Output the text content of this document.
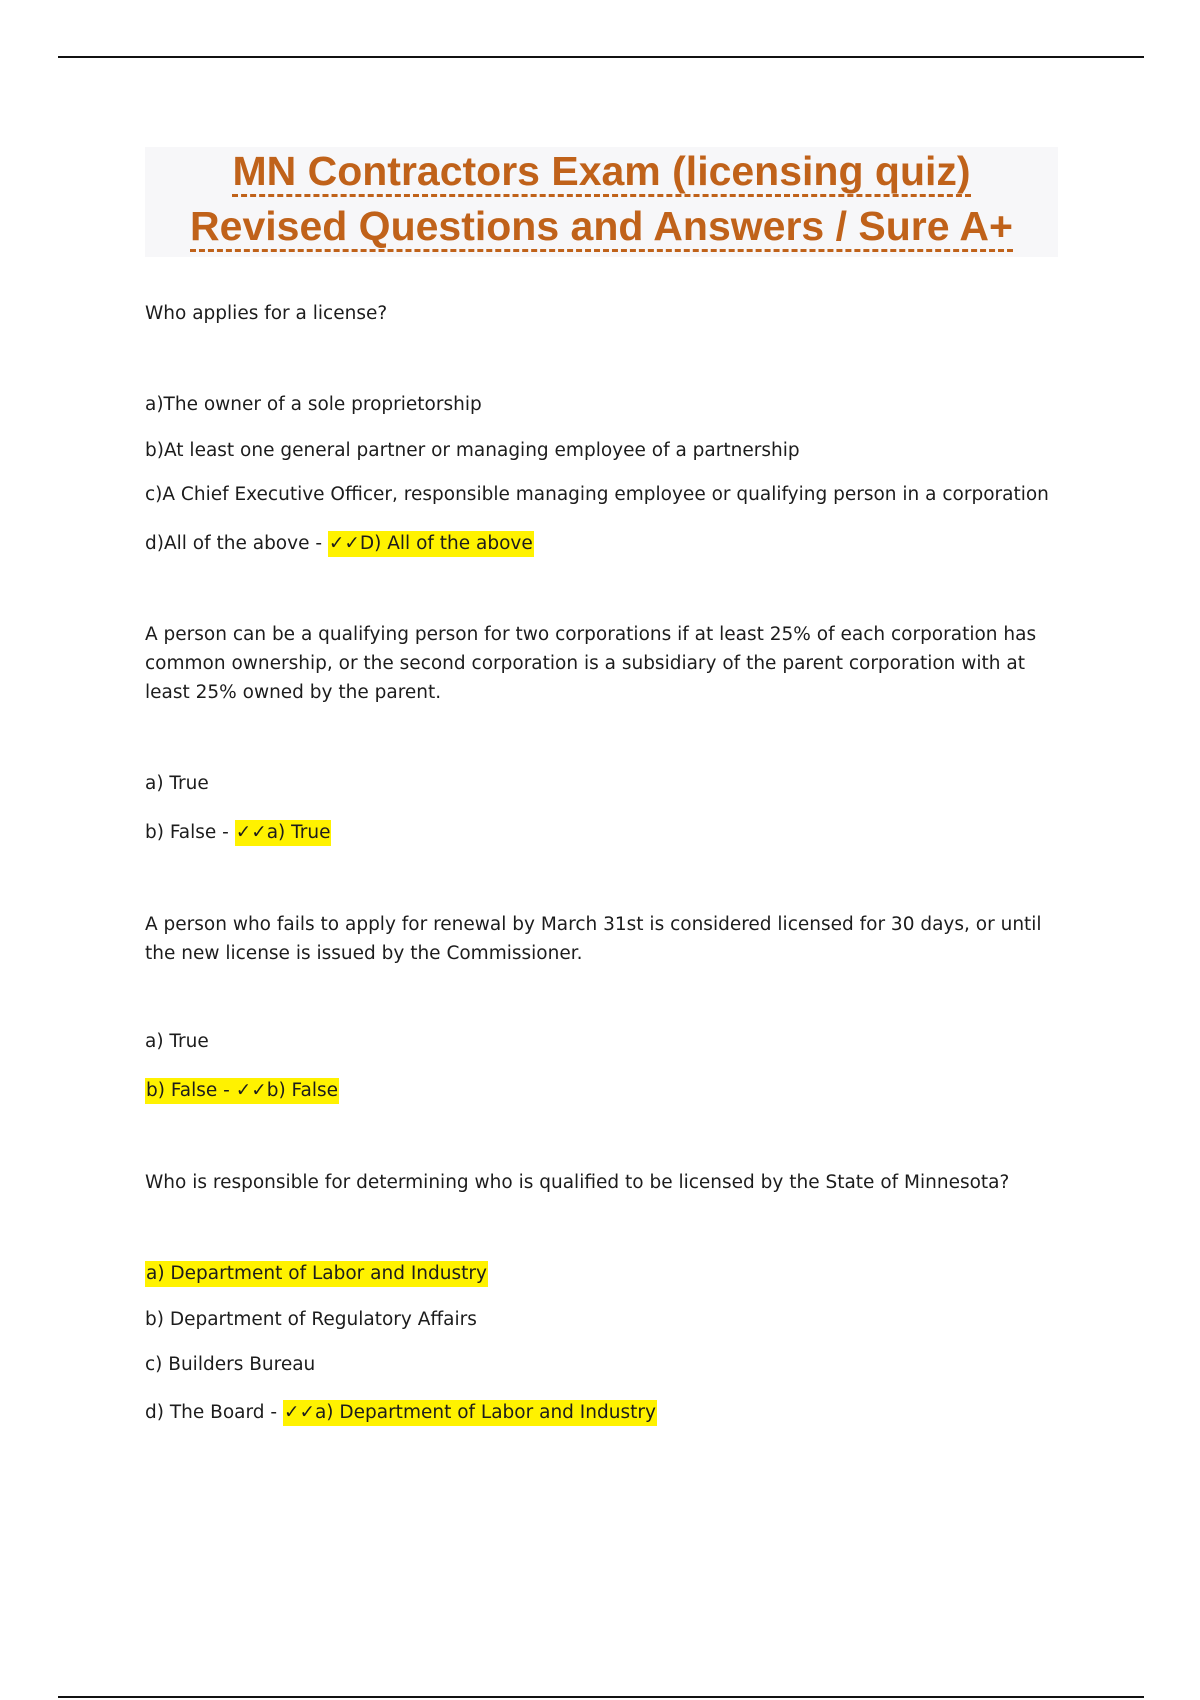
MN Contractors Exam (licensing quiz)
Revised Questions and Answers / Sure A+
Who applies for a license?
a)The owner of a sole proprietorship
b)At least one general partner or managing employee of a partnership
c)A Chief Executive Officer, responsible managing employee or qualifying person in a corporation
d)All of the above - ✓✓D) All of the above
A person can be a qualifying person for two corporations if at least 25% of each corporation has common ownership, or the second corporation is a subsidiary of the parent corporation with at least 25% owned by the parent.
a) True
b) False - ✓✓a) True
A person who fails to apply for renewal by March 31st is considered licensed for 30 days, or until the new license is issued by the Commissioner.
a) True
b) False - ✓✓b) False
Who is responsible for determining who is qualified to be licensed by the State of Minnesota?
a) Department of Labor and Industry
b) Department of Regulatory Affairs
c) Builders Bureau
d) The Board - ✓✓a) Department of Labor and Industry
